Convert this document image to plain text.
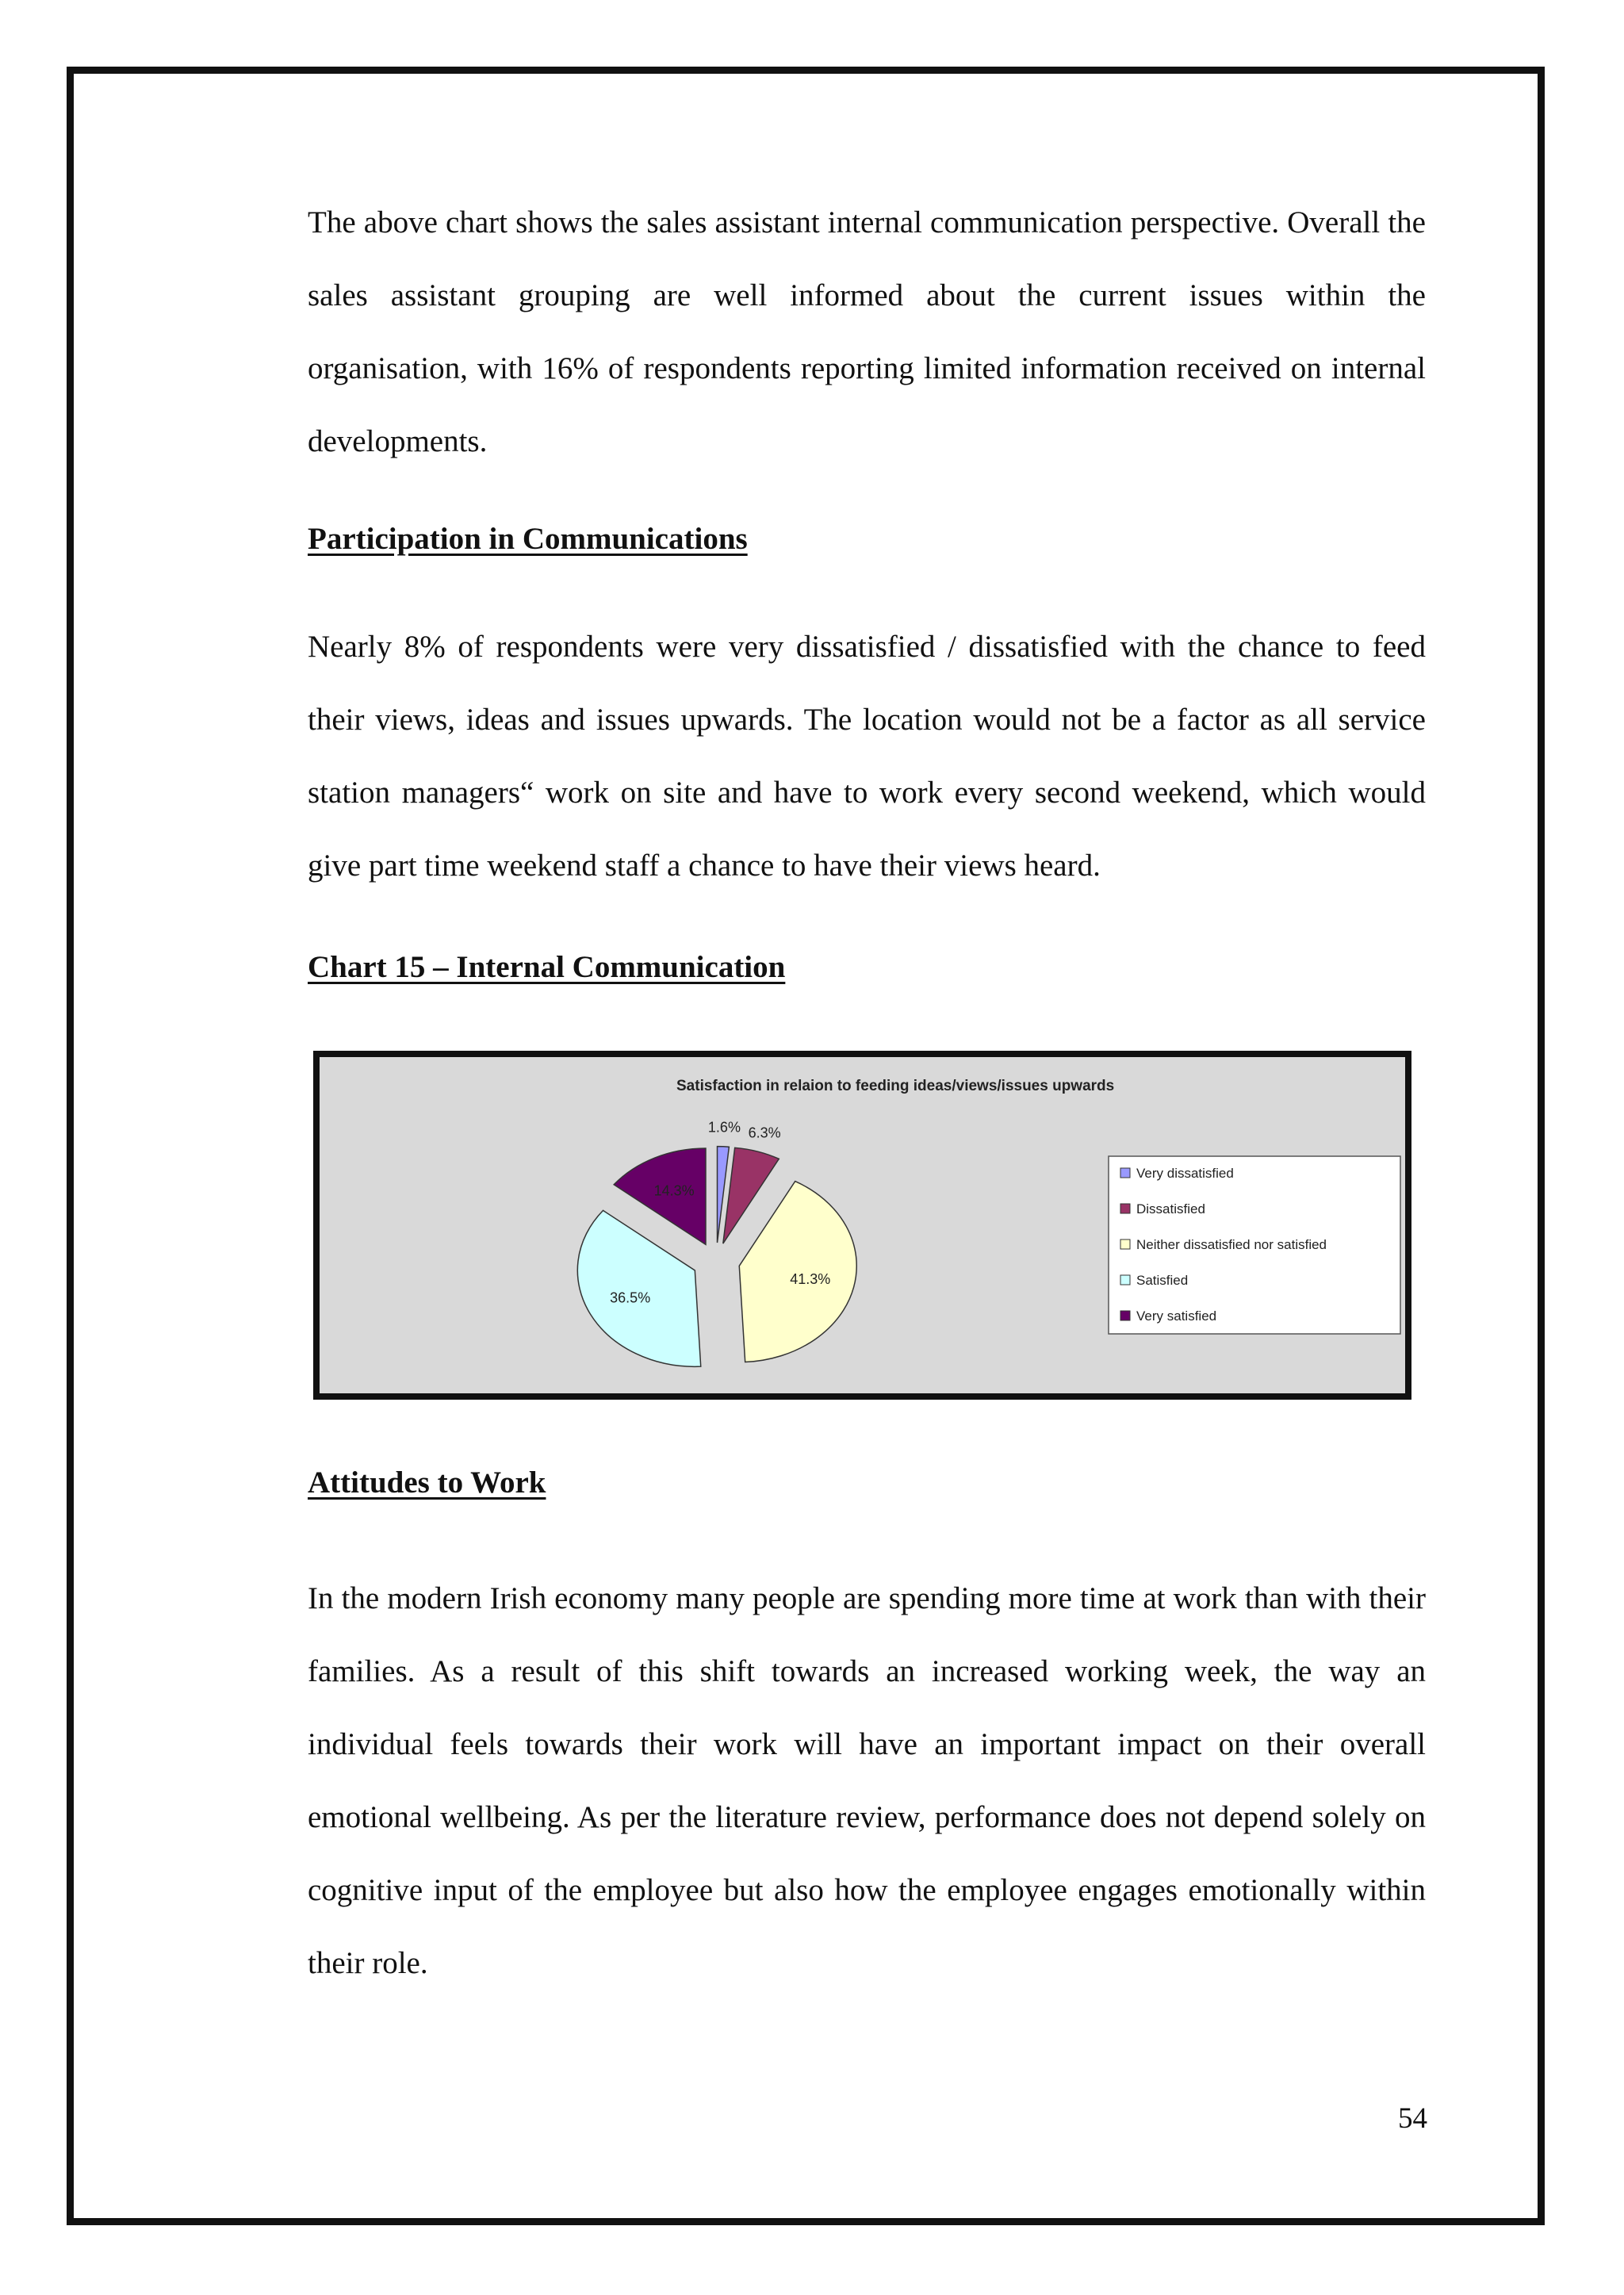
The above chart shows the sales assistant internal communication perspective. Overall the sales assistant grouping are well informed about the current issues within the organisation, with 16% of respondents reporting limited information received on internal developments.

Participation in Communications

Nearly 8% of respondents were very dissatisfied / dissatisfied with the chance to feed their views, ideas and issues upwards. The location would not be a factor as all service station managers“ work on site and have to work every second weekend, which would give part time weekend staff a chance to have their views heard.

Chart 15 – Internal Communication
Satisfaction in relaion to feeding ideas/views/issues upwards
1.6% 6.3%
41.3%
36.5%
14.3%
Very dissatisfied
Dissatisfied
Neither dissatisfied nor satisfied
Satisfied
Very satisfied
Attitudes to Work

In the modern Irish economy many people are spending more time at work than with their families. As a result of this shift towards an increased working week, the way an individual feels towards their work will have an important impact on their overall emotional wellbeing. As per the literature review, performance does not depend solely on cognitive input of the employee but also how the employee engages emotionally within their role.

54
